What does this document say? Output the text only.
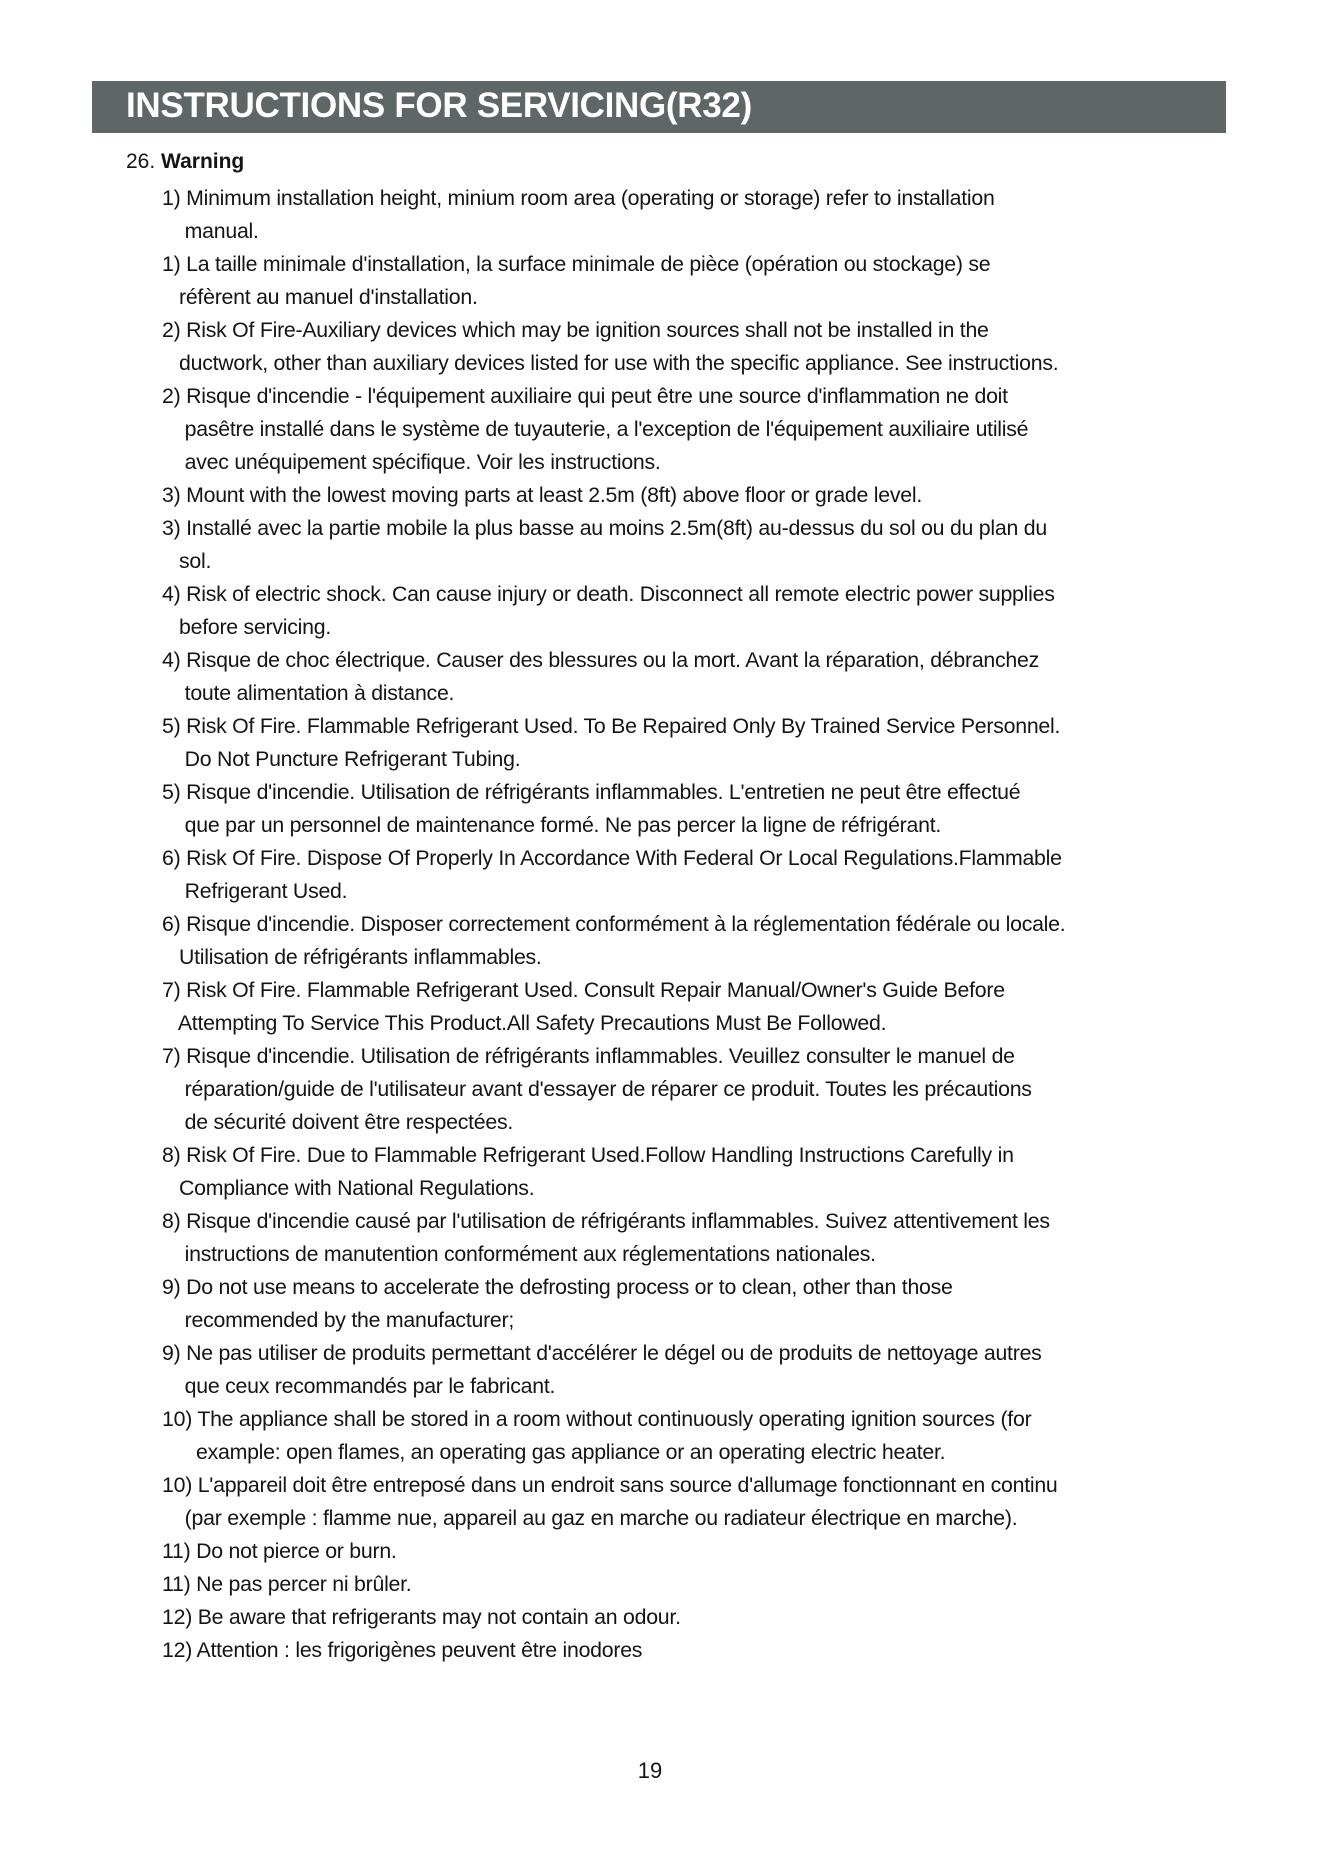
INSTRUCTIONS FOR SERVICING(R32)
26. Warning
1) Minimum installation height, minium room area (operating or storage) refer to installation
manual.
1) La taille minimale d'installation, la surface minimale de pièce (opération ou stockage) se
réfèrent au manuel d'installation.
2) Risk Of Fire-Auxiliary devices which may be ignition sources shall not be installed in the
ductwork, other than auxiliary devices listed for use with the specific appliance. See instructions.
2) Risque d'incendie - l'équipement auxiliaire qui peut être une source d'inflammation ne doit
pasêtre installé dans le système de tuyauterie, a l'exception de l'équipement auxiliaire utilisé
avec unéquipement spécifique. Voir les instructions.
3) Mount with the lowest moving parts at least 2.5m (8ft) above floor or grade level.
3) Installé avec la partie mobile la plus basse au moins 2.5m(8ft) au-dessus du sol ou du plan du
sol.
4) Risk of electric shock. Can cause injury or death. Disconnect all remote electric power supplies
before servicing.
4) Risque de choc électrique. Causer des blessures ou la mort. Avant la réparation, débranchez
toute alimentation à distance.
5) Risk Of Fire. Flammable Refrigerant Used. To Be Repaired Only By Trained Service Personnel.
Do Not Puncture Refrigerant Tubing.
5) Risque d'incendie. Utilisation de réfrigérants inflammables. L'entretien ne peut être effectué
que par un personnel de maintenance formé. Ne pas percer la ligne de réfrigérant.
6) Risk Of Fire. Dispose Of Properly In Accordance With Federal Or Local Regulations.Flammable
Refrigerant Used.
6) Risque d'incendie. Disposer correctement conformément à la réglementation fédérale ou locale.
Utilisation de réfrigérants inflammables.
7) Risk Of Fire. Flammable Refrigerant Used. Consult Repair Manual/Owner's Guide Before
Attempting To Service This Product.All Safety Precautions Must Be Followed.
7) Risque d'incendie. Utilisation de réfrigérants inflammables. Veuillez consulter le manuel de
réparation/guide de l'utilisateur avant d'essayer de réparer ce produit. Toutes les précautions
de sécurité doivent être respectées.
8) Risk Of Fire. Due to Flammable Refrigerant Used.Follow Handling Instructions Carefully in
Compliance with National Regulations.
8) Risque d'incendie causé par l'utilisation de réfrigérants inflammables. Suivez attentivement les
instructions de manutention conformément aux réglementations nationales.
9) Do not use means to accelerate the defrosting process or to clean, other than those
recommended by the manufacturer;
9) Ne pas utiliser de produits permettant d'accélérer le dégel ou de produits de nettoyage autres
que ceux recommandés par le fabricant.
10) The appliance shall be stored in a room without continuously operating ignition sources (for
example: open flames, an operating gas appliance or an operating electric heater.
10) L'appareil doit être entreposé dans un endroit sans source d'allumage fonctionnant en continu
(par exemple : flamme nue, appareil au gaz en marche ou radiateur électrique en marche).
11) Do not pierce or burn.
11) Ne pas percer ni brûler.
12) Be aware that refrigerants may not contain an odour.
12) Attention : les frigorigènes peuvent être inodores
19
